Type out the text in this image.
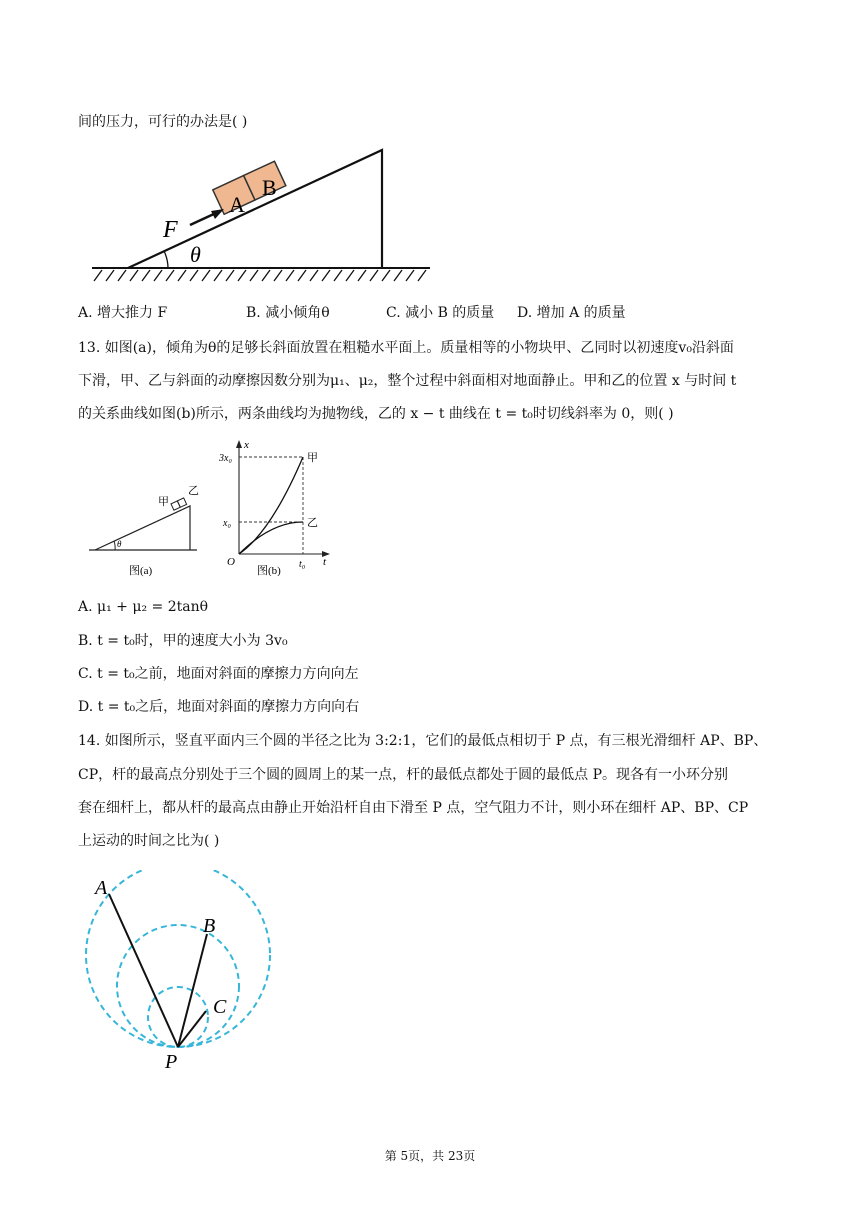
间的压力，可行的办法是( )
A
B
F
θ
A. 增大推力 F	B. 减小倾角θ	C. 减小 B 的质量 D. 增加 A 的质量
13. 如图(a)，倾角为θ的足够长斜面放置在粗糙水平面上。质量相等的小物块甲、乙同时以初速度v₀沿斜面
下滑，甲、乙与斜面的动摩擦因数分别为μ₁、μ₂，整个过程中斜面相对地面静止。甲和乙的位置 x 与时间 t
的关系曲线如图(b)所示，两条曲线均为抛物线，乙的 x − t 曲线在 t = t₀时切线斜率为 0，则( )
θ
甲
乙
图(a)
x
t
O
3x₀
x₀
t₀
甲
乙
图(b)
A. μ₁ + μ₂ = 2tanθ
B. t = t₀时，甲的速度大小为 3v₀
C. t = t₀之前，地面对斜面的摩擦力方向向左
D. t = t₀之后，地面对斜面的摩擦力方向向右
14. 如图所示，竖直平面内三个圆的半径之比为 3:2:1，它们的最低点相切于 P 点，有三根光滑细杆 AP、BP、
CP，杆的最高点分别处于三个圆的圆周上的某一点，杆的最低点都处于圆的最低点 P。现各有一小环分别
套在细杆上，都从杆的最高点由静止开始沿杆自由下滑至 P 点，空气阻力不计，则小环在细杆 AP、BP、CP
上运动的时间之比为( )
A
B
C
P
第 5页，共 23页
